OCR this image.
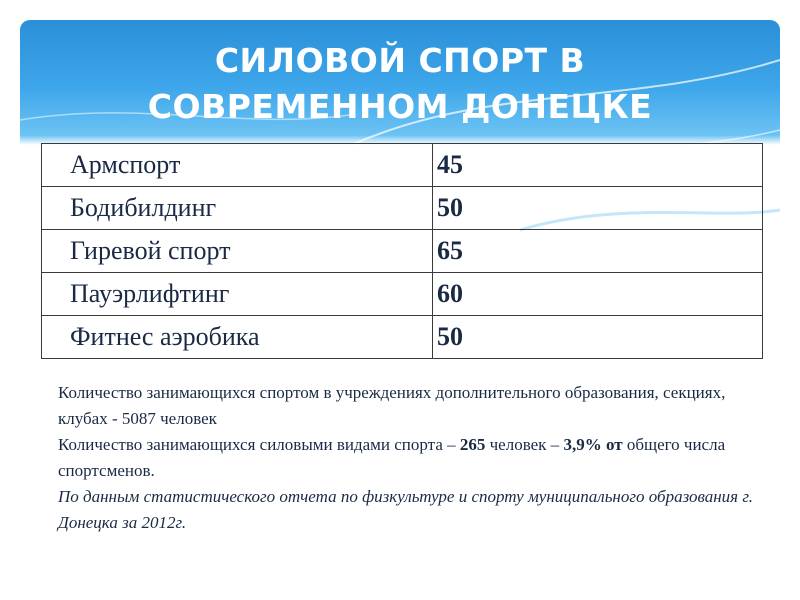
СИЛОВОЙ СПОРТ В
СОВРЕМЕННОМ ДОНЕЦКЕ
Армспорт	45
Бодибилдинг	50
Гиревой спорт	65
Пауэрлифтинг	60
Фитнес аэробика	50

Количество занимающихся спортом в учреждениях дополнительного образования, секциях, клубах - 5087 человек

Количество занимающихся силовыми видами спорта – 265 человек – 3,9% от общего числа спортсменов.

По данным статистического отчета по физкультуре и спорту муниципального образования г. Донецка за 2012г.
